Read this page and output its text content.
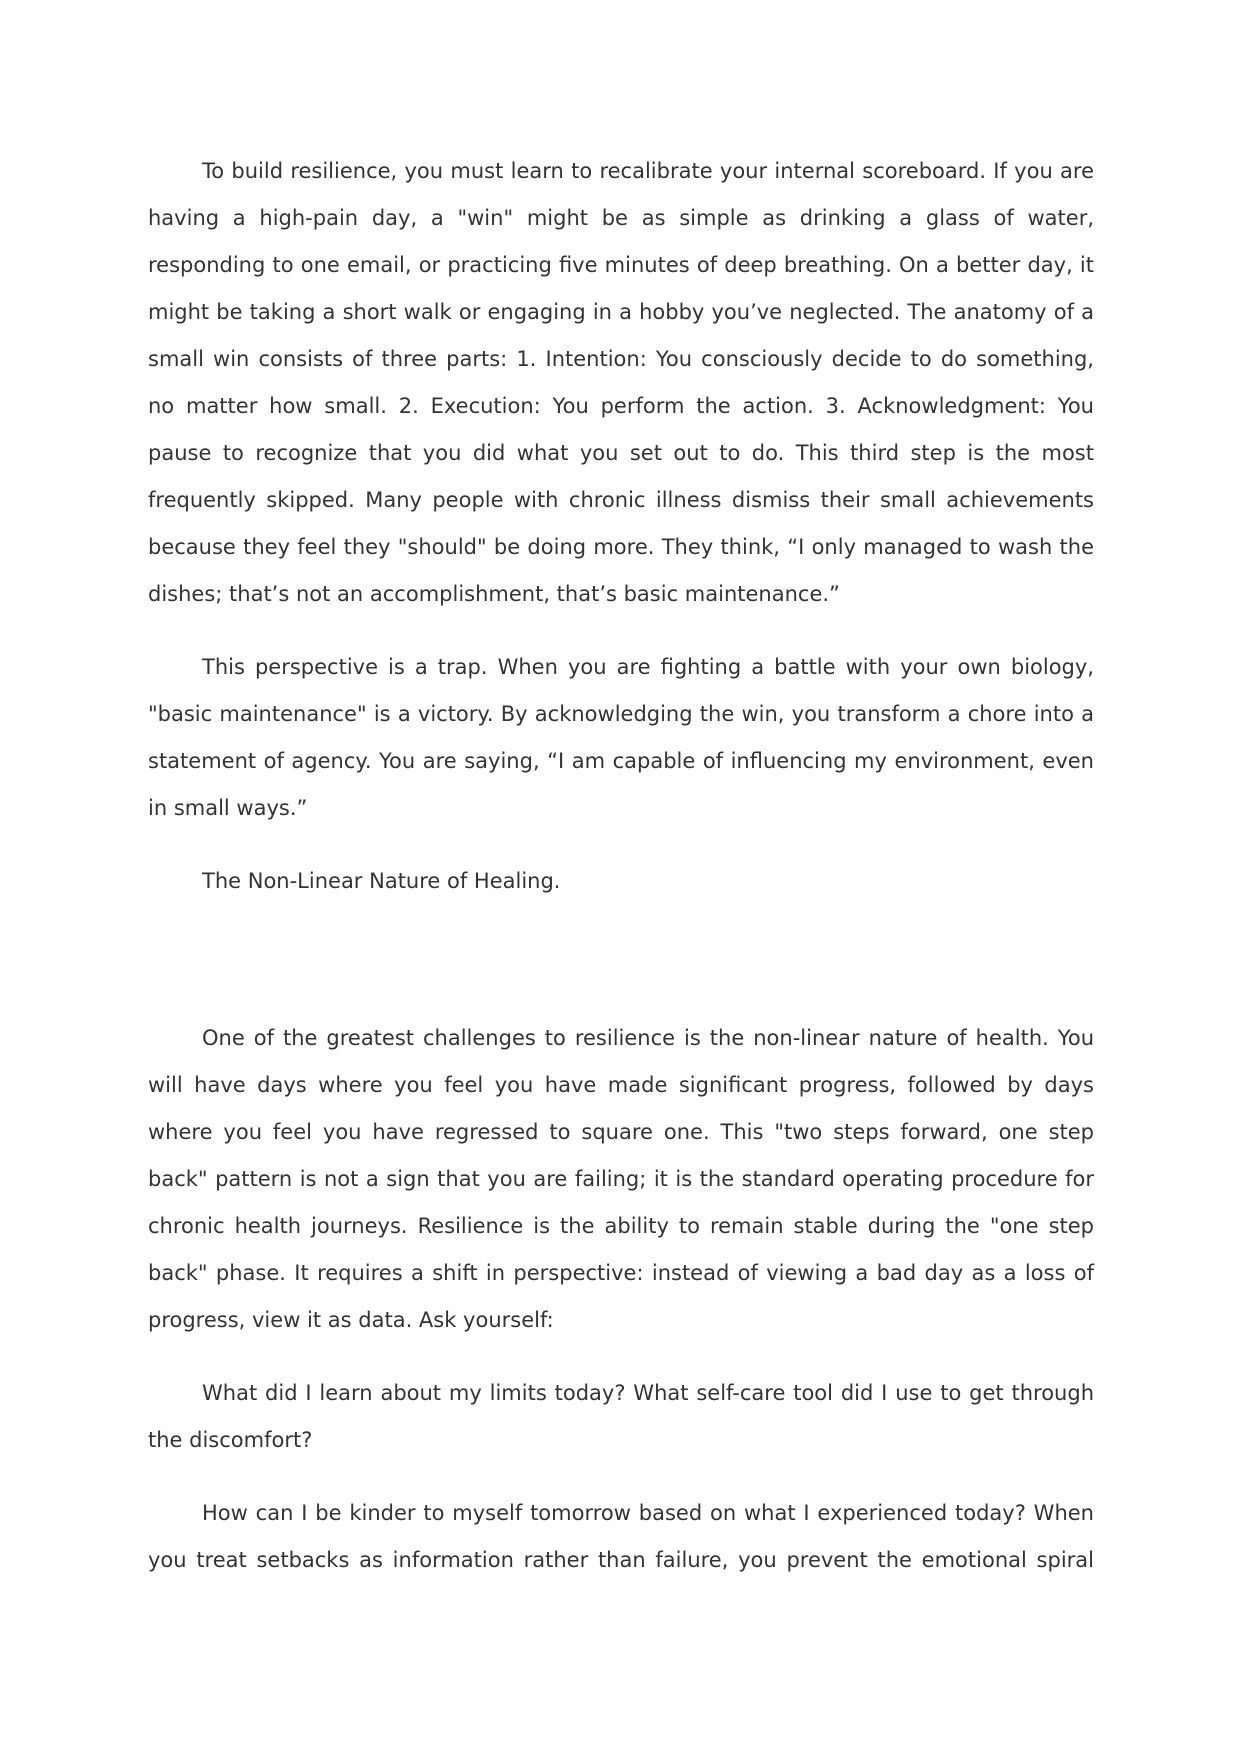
To build resilience, you must learn to recalibrate your internal scoreboard. If you are having a high-pain day, a "win" might be as simple as drinking a glass of water, responding to one email, or practicing five minutes of deep breathing. On a better day, it might be taking a short walk or engaging in a hobby you’ve neglected. The anatomy of a small win consists of three parts: 1. Intention: You consciously decide to do something, no matter how small. 2. Execution: You perform the action. 3. Acknowledgment: You pause to recognize that you did what you set out to do. This third step is the most frequently skipped. Many people with chronic illness dismiss their small achievements because they feel they "should" be doing more. They think, “I only managed to wash the dishes; that’s not an accomplishment, that’s basic maintenance.”

This perspective is a trap. When you are fighting a battle with your own biology, "basic maintenance" is a victory. By acknowledging the win, you transform a chore into a statement of agency. You are saying, “I am capable of influencing my environment, even in small ways.”

The Non-Linear Nature of Healing.

One of the greatest challenges to resilience is the non-linear nature of health. You will have days where you feel you have made significant progress, followed by days where you feel you have regressed to square one. This "two steps forward, one step back" pattern is not a sign that you are failing; it is the standard operating procedure for chronic health journeys. Resilience is the ability to remain stable during the "one step back" phase. It requires a shift in perspective: instead of viewing a bad day as a loss of progress, view it as data. Ask yourself:

What did I learn about my limits today? What self-care tool did I use to get through the discomfort?

How can I be kinder to myself tomorrow based on what I experienced today? When you treat setbacks as information rather than failure, you prevent the emotional spiral
